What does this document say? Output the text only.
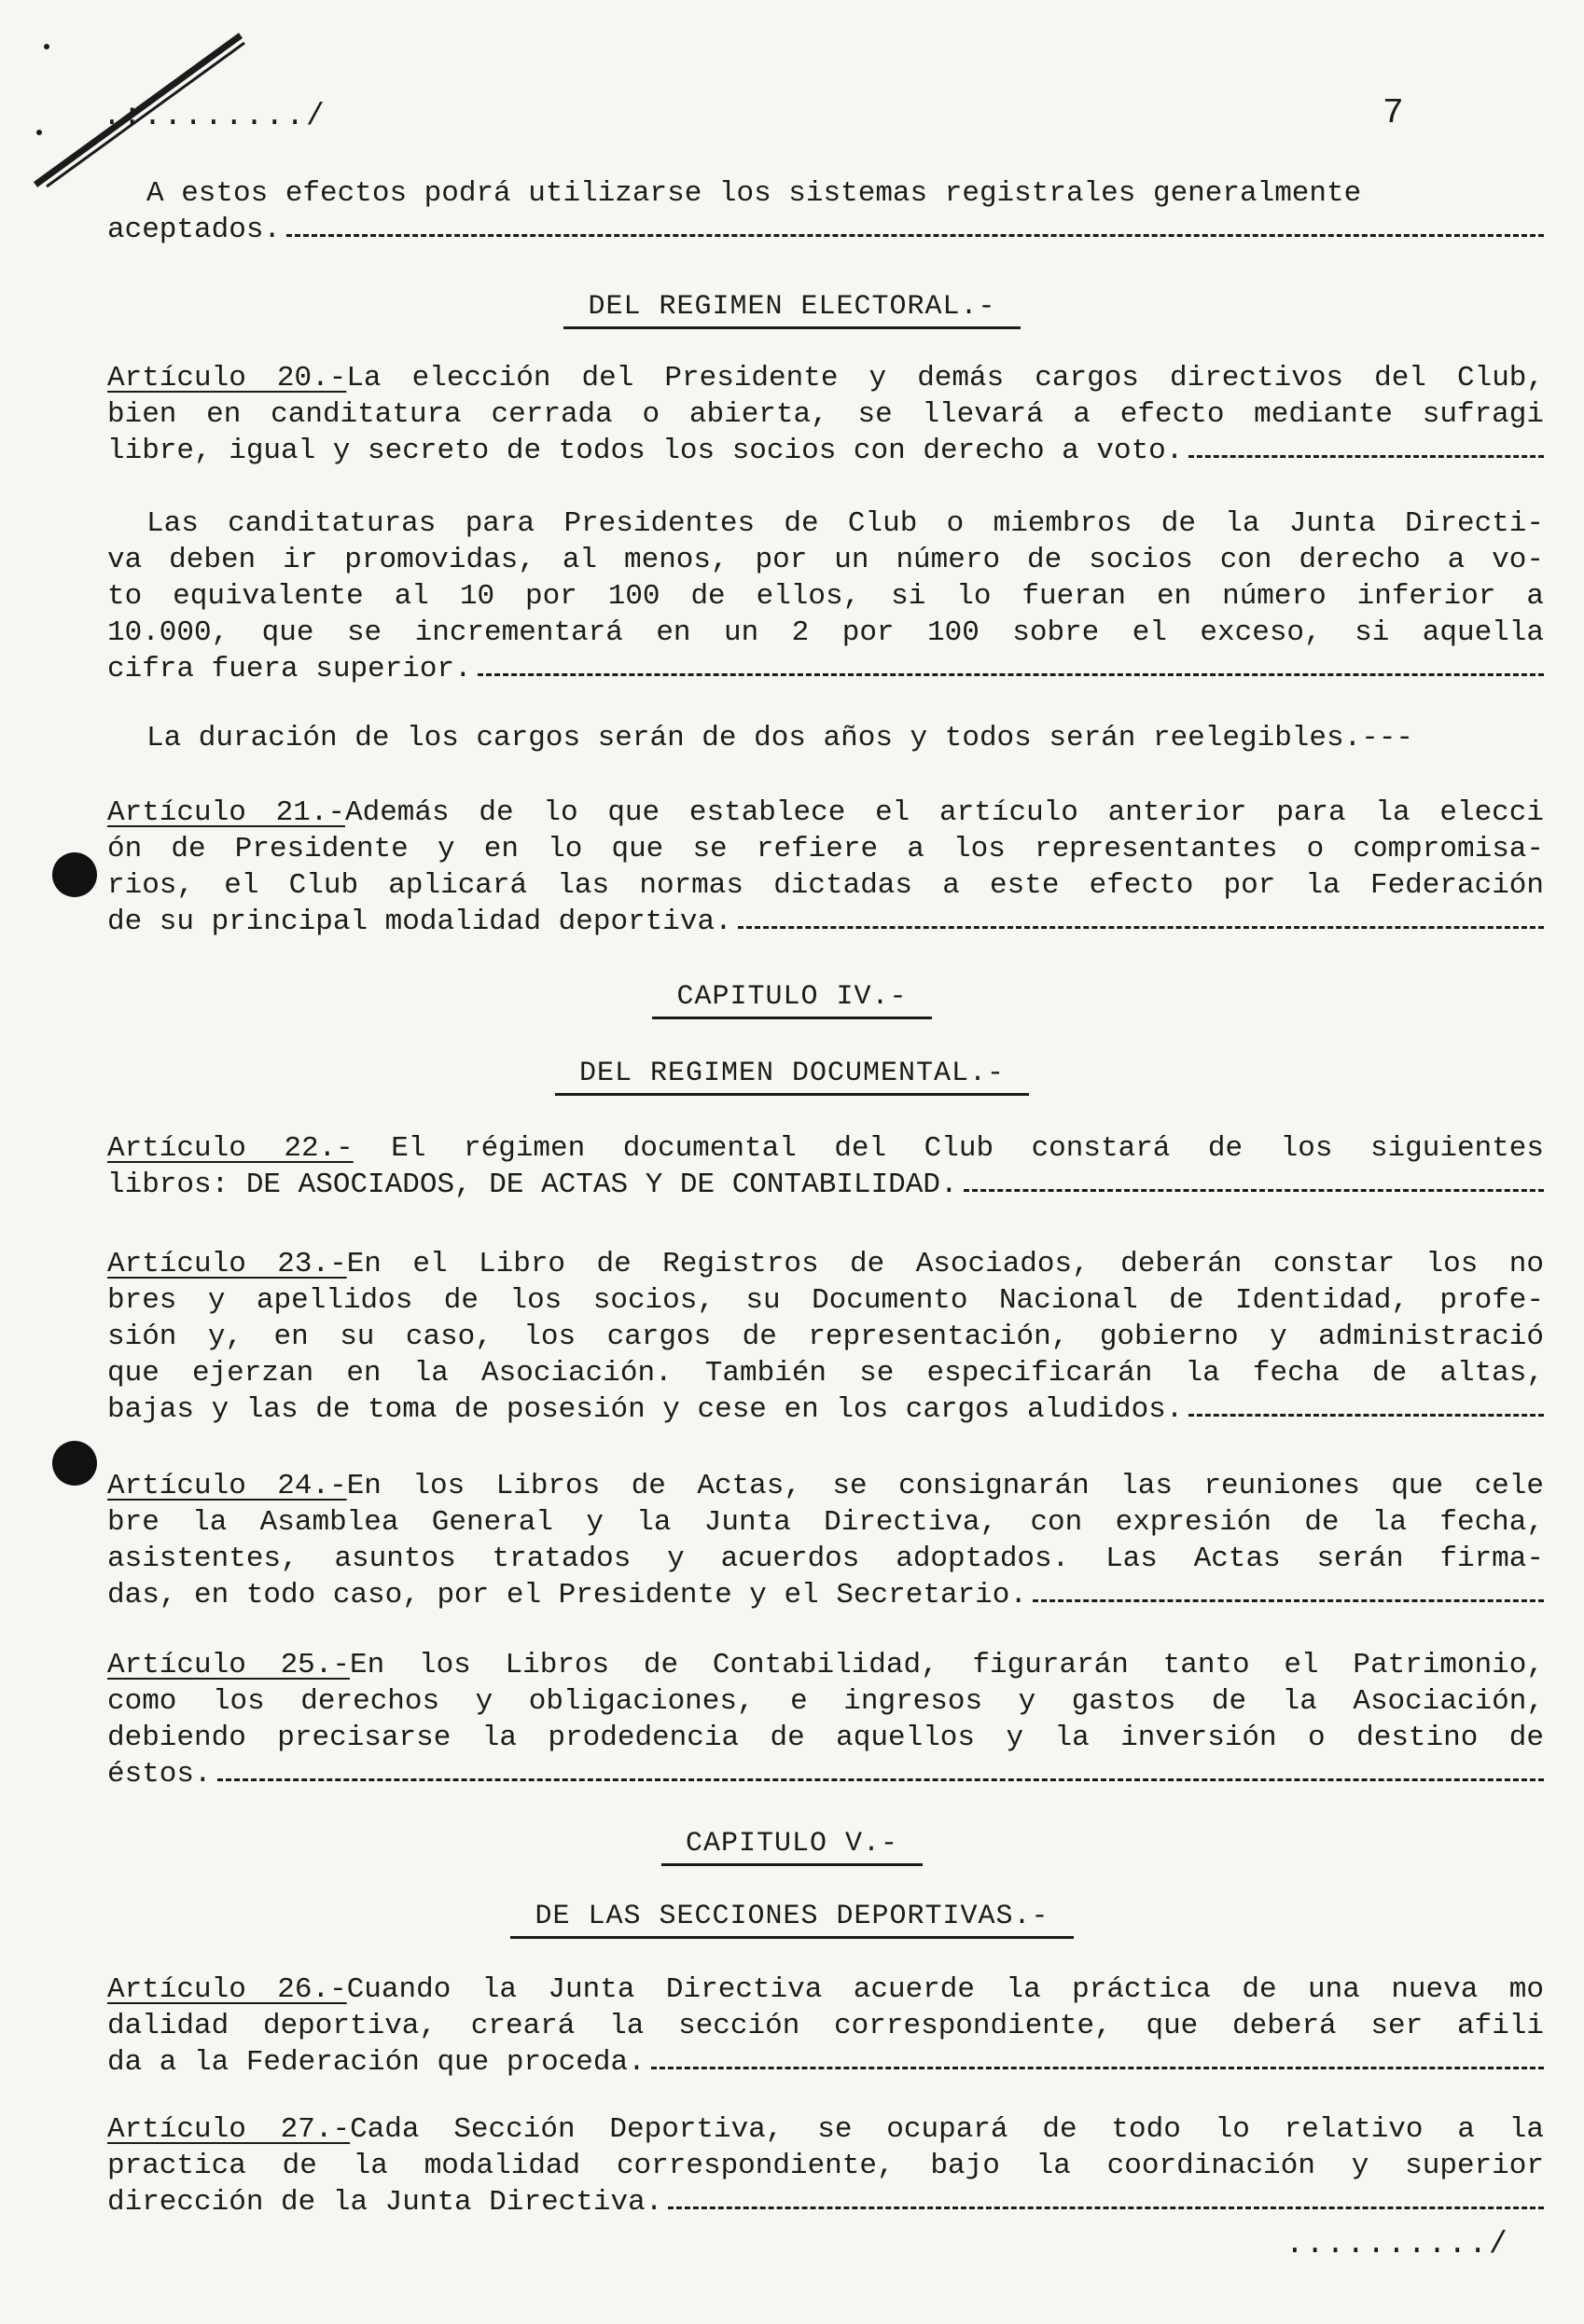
.:......../	7
A estos efectos podrá utilizarse los sistemas registrales generalmente
aceptados.
DEL REGIMEN ELECTORAL.-
Artículo 20.-La elección del Presidente y demás cargos directivos del Club,
bien en canditatura cerrada o abierta, se llevará a efecto mediante sufragi
libre, igual y secreto de todos los socios con derecho a voto.
Las canditaturas para Presidentes de Club o miembros de la Junta Directi-
va deben ir promovidas, al menos, por un número de socios con derecho a vo-
to equivalente al 10 por 100 de ellos, si lo fueran en número inferior a
10.000, que se incrementará en un 2 por 100 sobre el exceso, si aquella
cifra fuera superior.
La duración de los cargos serán de dos años y todos serán reelegibles.---
Artículo 21.-Además de lo que establece el artículo anterior para la elecci
ón de Presidente y en lo que se refiere a los representantes o compromisa-
rios, el Club aplicará las normas dictadas a este efecto por la Federación
de su principal modalidad deportiva.
CAPITULO IV.-
DEL REGIMEN DOCUMENTAL.-
Artículo 22.- El régimen documental del Club constará de los siguientes
libros: DE ASOCIADOS, DE ACTAS Y DE CONTABILIDAD.
Artículo 23.-En el Libro de Registros de Asociados, deberán constar los no
bres y apellidos de los socios, su Documento Nacional de Identidad, profe-
sión y, en su caso, los cargos de representación, gobierno y administració
que ejerzan en la Asociación. También se especificarán la fecha de altas,
bajas y las de toma de posesión y cese en los cargos aludidos.
Artículo 24.-En los Libros de Actas, se consignarán las reuniones que cele
bre la Asamblea General y la Junta Directiva, con expresión de la fecha,
asistentes, asuntos tratados y acuerdos adoptados. Las Actas serán firma-
das, en todo caso, por el Presidente y el Secretario.
Artículo 25.-En los Libros de Contabilidad, figurarán tanto el Patrimonio,
como los derechos y obligaciones, e ingresos y gastos de la Asociación,
debiendo precisarse la prodedencia de aquellos y la inversión o destino de
éstos.
CAPITULO V.-
DE LAS SECCIONES DEPORTIVAS.-
Artículo 26.-Cuando la Junta Directiva acuerde la práctica de una nueva mo
dalidad deportiva, creará la sección correspondiente, que deberá ser afili
da a la Federación que proceda.
Artículo 27.-Cada Sección Deportiva, se ocupará de todo lo relativo a la
practica de la modalidad correspondiente, bajo la coordinación y superior
dirección de la Junta Directiva.
........../
